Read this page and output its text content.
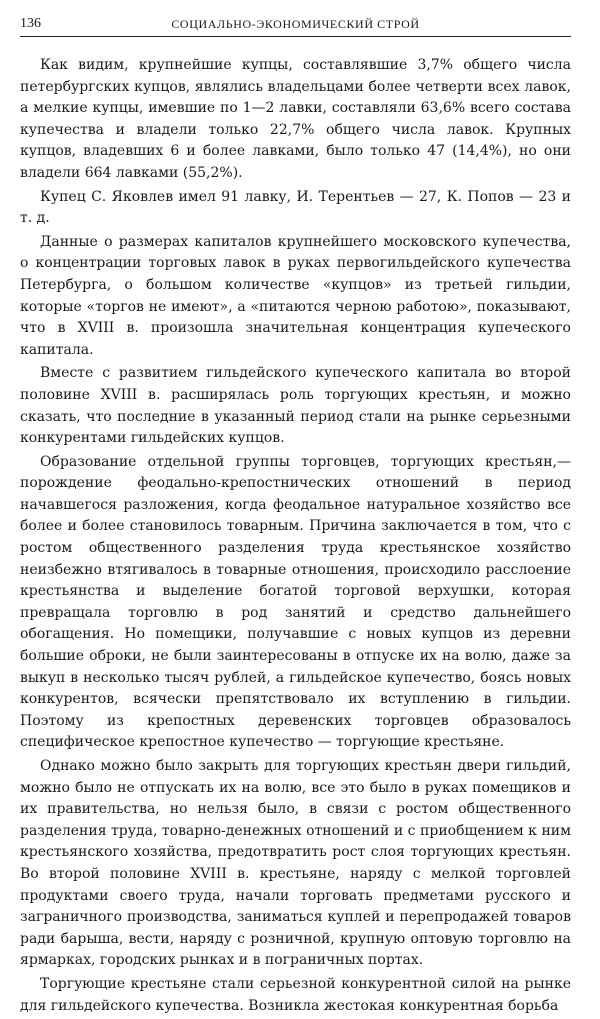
136	СОЦИАЛЬНО-ЭКОНОМИЧЕСКИЙ СТРОЙ

Как видим, крупнейшие купцы, составлявшие 3,7% общего числа петербургских купцов, являлись владельцами более четверти всех лавок, а мелкие купцы, имевшие по 1—2 лавки, составляли 63,6% всего состава купечества и владели только 22,7% общего числа лавок. Крупных купцов, владевших 6 и более лавками, было только 47 (14,4%), но они владели 664 лавками (55,2%).

Купец С. Яковлев имел 91 лавку, И. Терентьев — 27, К. Попов — 23 и т. д.

Данные о размерах капиталов крупнейшего московского купечества, о концентрации торговых лавок в руках первогильдейского купечества Петербурга, о большом количестве «купцов» из третьей гильдии, которые «торгов не имеют», а «питаются черною работою», показывают, что в XVIII в. произошла значительная концентрация купеческого капитала.

Вместе с развитием гильдейского купеческого капитала во второй половине XVIII в. расширялась роль торгующих крестьян, и можно сказать, что последние в указанный период стали на рынке серьезными конкурентами гильдейских купцов.

Образование отдельной группы торговцев, торгующих крестьян,— порождение феодально-крепостнических отношений в период начавшегося разложения, когда феодальное натуральное хозяйство все более и более становилось товарным. Причина заключается в том, что с ростом общественного разделения труда крестьянское хозяйство неизбежно втягивалось в товарные отношения, происходило расслоение крестьянства и выделение богатой торговой верхушки, которая превращала торговлю в род занятий и средство дальнейшего обогащения. Но помещики, получавшие с новых купцов из деревни большие оброки, не были заинтересованы в отпуске их на волю, даже за выкуп в несколько тысяч рублей, а гильдейское купечество, боясь новых конкурентов, всячески препятствовало их вступлению в гильдии. Поэтому из крепостных деревенских торговцев образовалось специфическое крепостное купечество — торгующие крестьяне.

Однако можно было закрыть для торгующих крестьян двери гильдий, можно было не отпускать их на волю, все это было в руках помещиков и их правительства, но нельзя было, в связи с ростом общественного разделения труда, товарно-денежных отношений и с приобщением к ним крестьянского хозяйства, предотвратить рост слоя торгующих крестьян. Во второй половине XVIII в. крестьяне, наряду с мелкой торговлей продуктами своего труда, начали торговать предметами русского и заграничного производства, заниматься куплей и перепродажей товаров ради барыша, вести, наряду с розничной, крупную оптовую торговлю на ярмарках, городских рынках и в пограничных портах.

Торгующие крестьяне стали серьезной конкурентной силой на рынке для гильдейского купечества. Возникла жестокая конкурентная борьба
